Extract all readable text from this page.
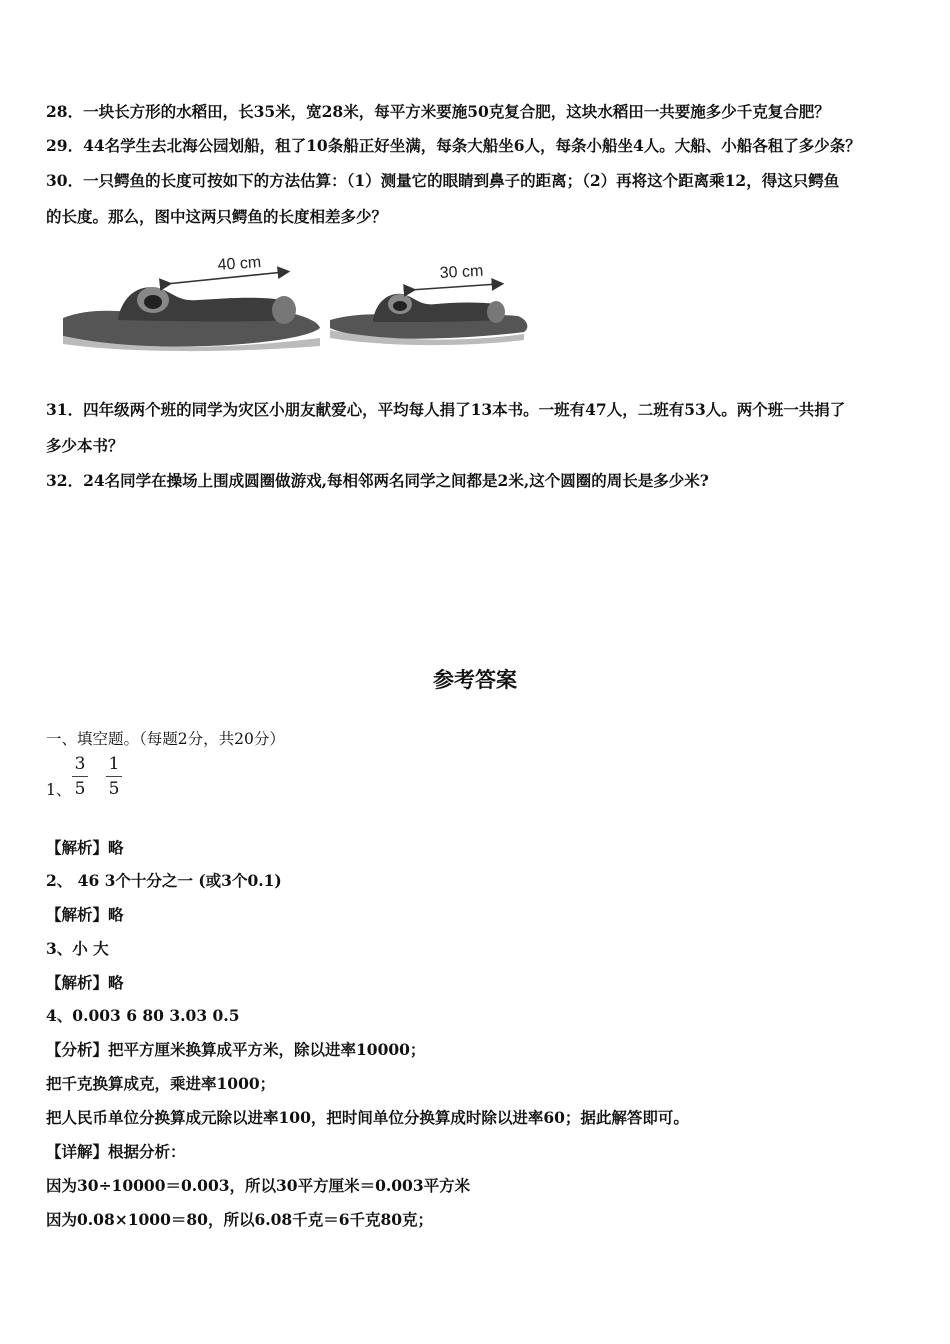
28．一块长方形的水稻田，长35米，宽28米，每平方米要施50克复合肥，这块水稻田一共要施多少千克复合肥？
29．44名学生去北海公园划船，租了10条船正好坐满，每条大船坐6人，每条小船坐4人。大船、小船各租了多少条？
30．一只鳄鱼的长度可按如下的方法估算：（1）测量它的眼睛到鼻子的距离；（2）再将这个距离乘12，得这只鳄鱼
的长度。那么，图中这两只鳄鱼的长度相差多少？
40 cm	30 cm
31．四年级两个班的同学为灾区小朋友献爱心，平均每人捐了13本书。一班有47人，二班有53人。两个班一共捐了
多少本书？
32．24名同学在操场上围成圆圈做游戏,每相邻两名同学之间都是2米,这个圆圈的周长是多少米?
参考答案
一、填空题。（每题2分，共20分）
1、
3
5
1
5
【解析】略
2、 46 3个十分之一 (或3个0.1)
【解析】略
3、小 大
【解析】略
4、0.003 6 80 3.03 0.5
【分析】把平方厘米换算成平方米，除以进率10000；
把千克换算成克，乘进率1000；
把人民币单位分换算成元除以进率100，把时间单位分换算成时除以进率60；据此解答即可。
【详解】根据分析：
因为30÷10000＝0.003，所以30平方厘米＝0.003平方米
因为0.08×1000＝80，所以6.08千克＝6千克80克；
